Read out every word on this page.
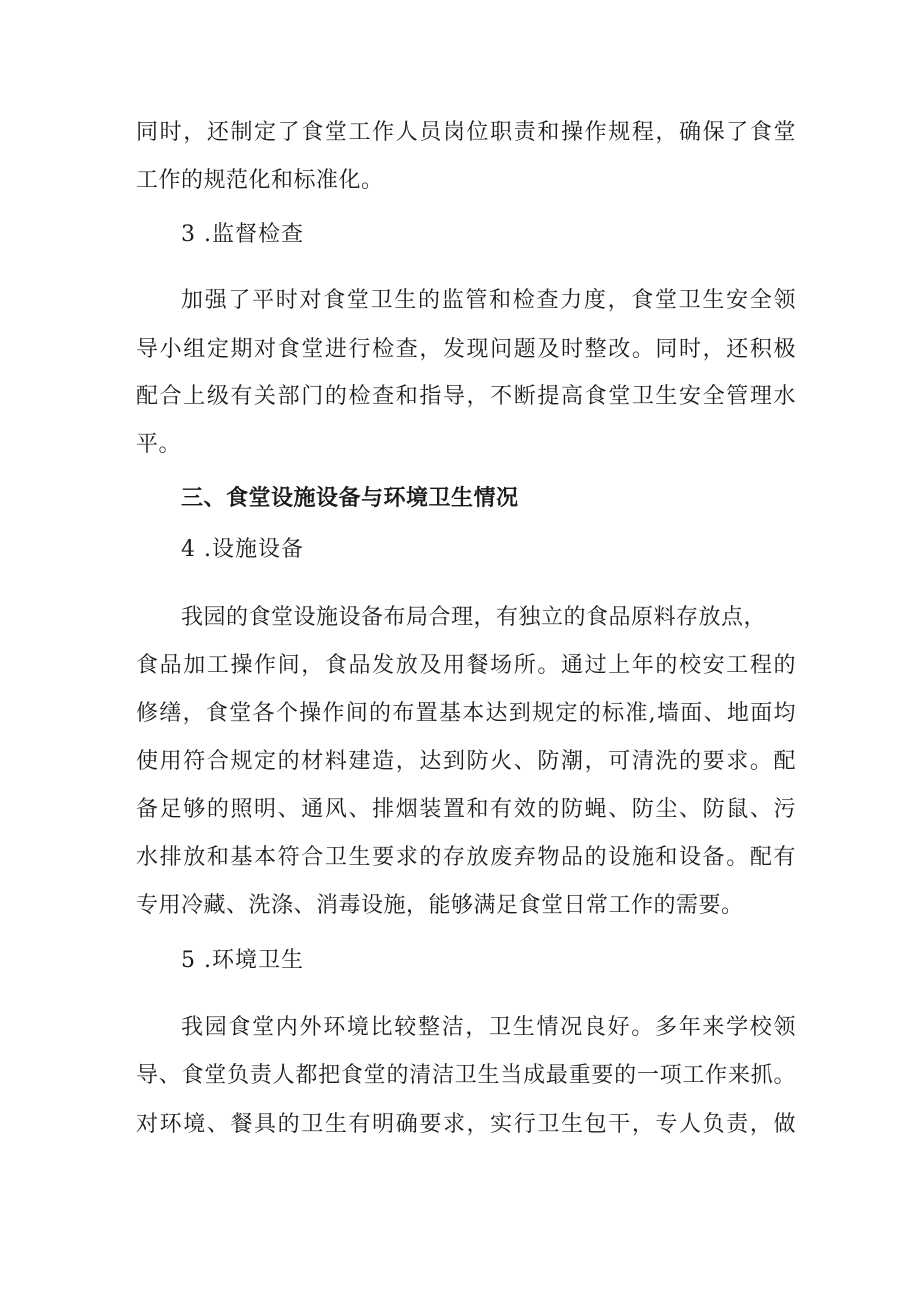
同时，还制定了食堂工作人员岗位职责和操作规程，确保了食堂
工作的规范化和标准化。
3 .监督检查
加强了平时对食堂卫生的监管和检查力度，食堂卫生安全领
导小组定期对食堂进行检查，发现问题及时整改。同时，还积极
配合上级有关部门的检查和指导，不断提高食堂卫生安全管理水
平。
三、食堂设施设备与环境卫生情况
4 .设施设备
我园的食堂设施设备布局合理，有独立的食品原料存放点，
食品加工操作间，食品发放及用餐场所。通过上年的校安工程的
修缮，食堂各个操作间的布置基本达到规定的标准,墙面、地面均
使用符合规定的材料建造，达到防火、防潮，可清洗的要求。配
备足够的照明、通风、排烟装置和有效的防蝇、防尘、防鼠、污
水排放和基本符合卫生要求的存放废弃物品的设施和设备。配有
专用冷藏、洗涤、消毒设施，能够满足食堂日常工作的需要。
5 .环境卫生
我园食堂内外环境比较整洁，卫生情况良好。多年来学校领
导、食堂负责人都把食堂的清洁卫生当成最重要的一项工作来抓。
对环境、餐具的卫生有明确要求，实行卫生包干，专人负责，做
